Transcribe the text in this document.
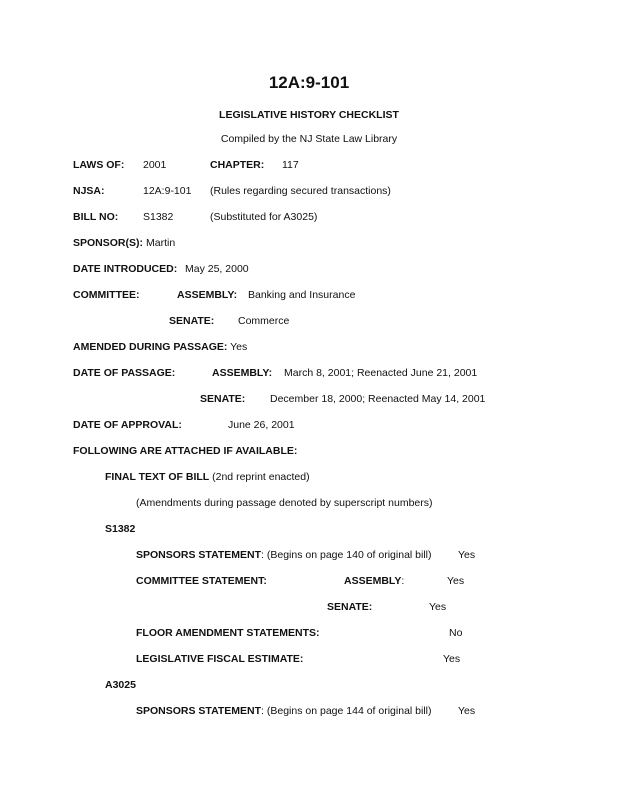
12A:9-101
LEGISLATIVE HISTORY CHECKLIST
Compiled by the NJ State Law Library
LAWS OF: 2001	CHAPTER: 117
NJSA:	12A:9-101 (Rules regarding secured transactions)
BILL NO: S1382	(Substituted for A3025)
SPONSOR(S): Martin
DATE INTRODUCED: May 25, 2000
COMMITTEE:	ASSEMBLY: Banking and Insurance
SENATE: Commerce
AMENDED DURING PASSAGE: Yes
DATE OF PASSAGE:	ASSEMBLY: March 8, 2001; Reenacted June 21, 2001
SENATE: December 18, 2000; Reenacted May 14, 2001
DATE OF APPROVAL:	June 26, 2001
FOLLOWING ARE ATTACHED IF AVAILABLE:
FINAL TEXT OF BILL (2nd reprint enacted)
(Amendments during passage denoted by superscript numbers)
S1382
SPONSORS STATEMENT: (Begins on page 140 of original bill)	Yes
COMMITTEE STATEMENT:	ASSEMBLY:	Yes
SENATE:	Yes
FLOOR AMENDMENT STATEMENTS:	No
LEGISLATIVE FISCAL ESTIMATE:	Yes
A3025
SPONSORS STATEMENT: (Begins on page 144 of original bill)	Yes
